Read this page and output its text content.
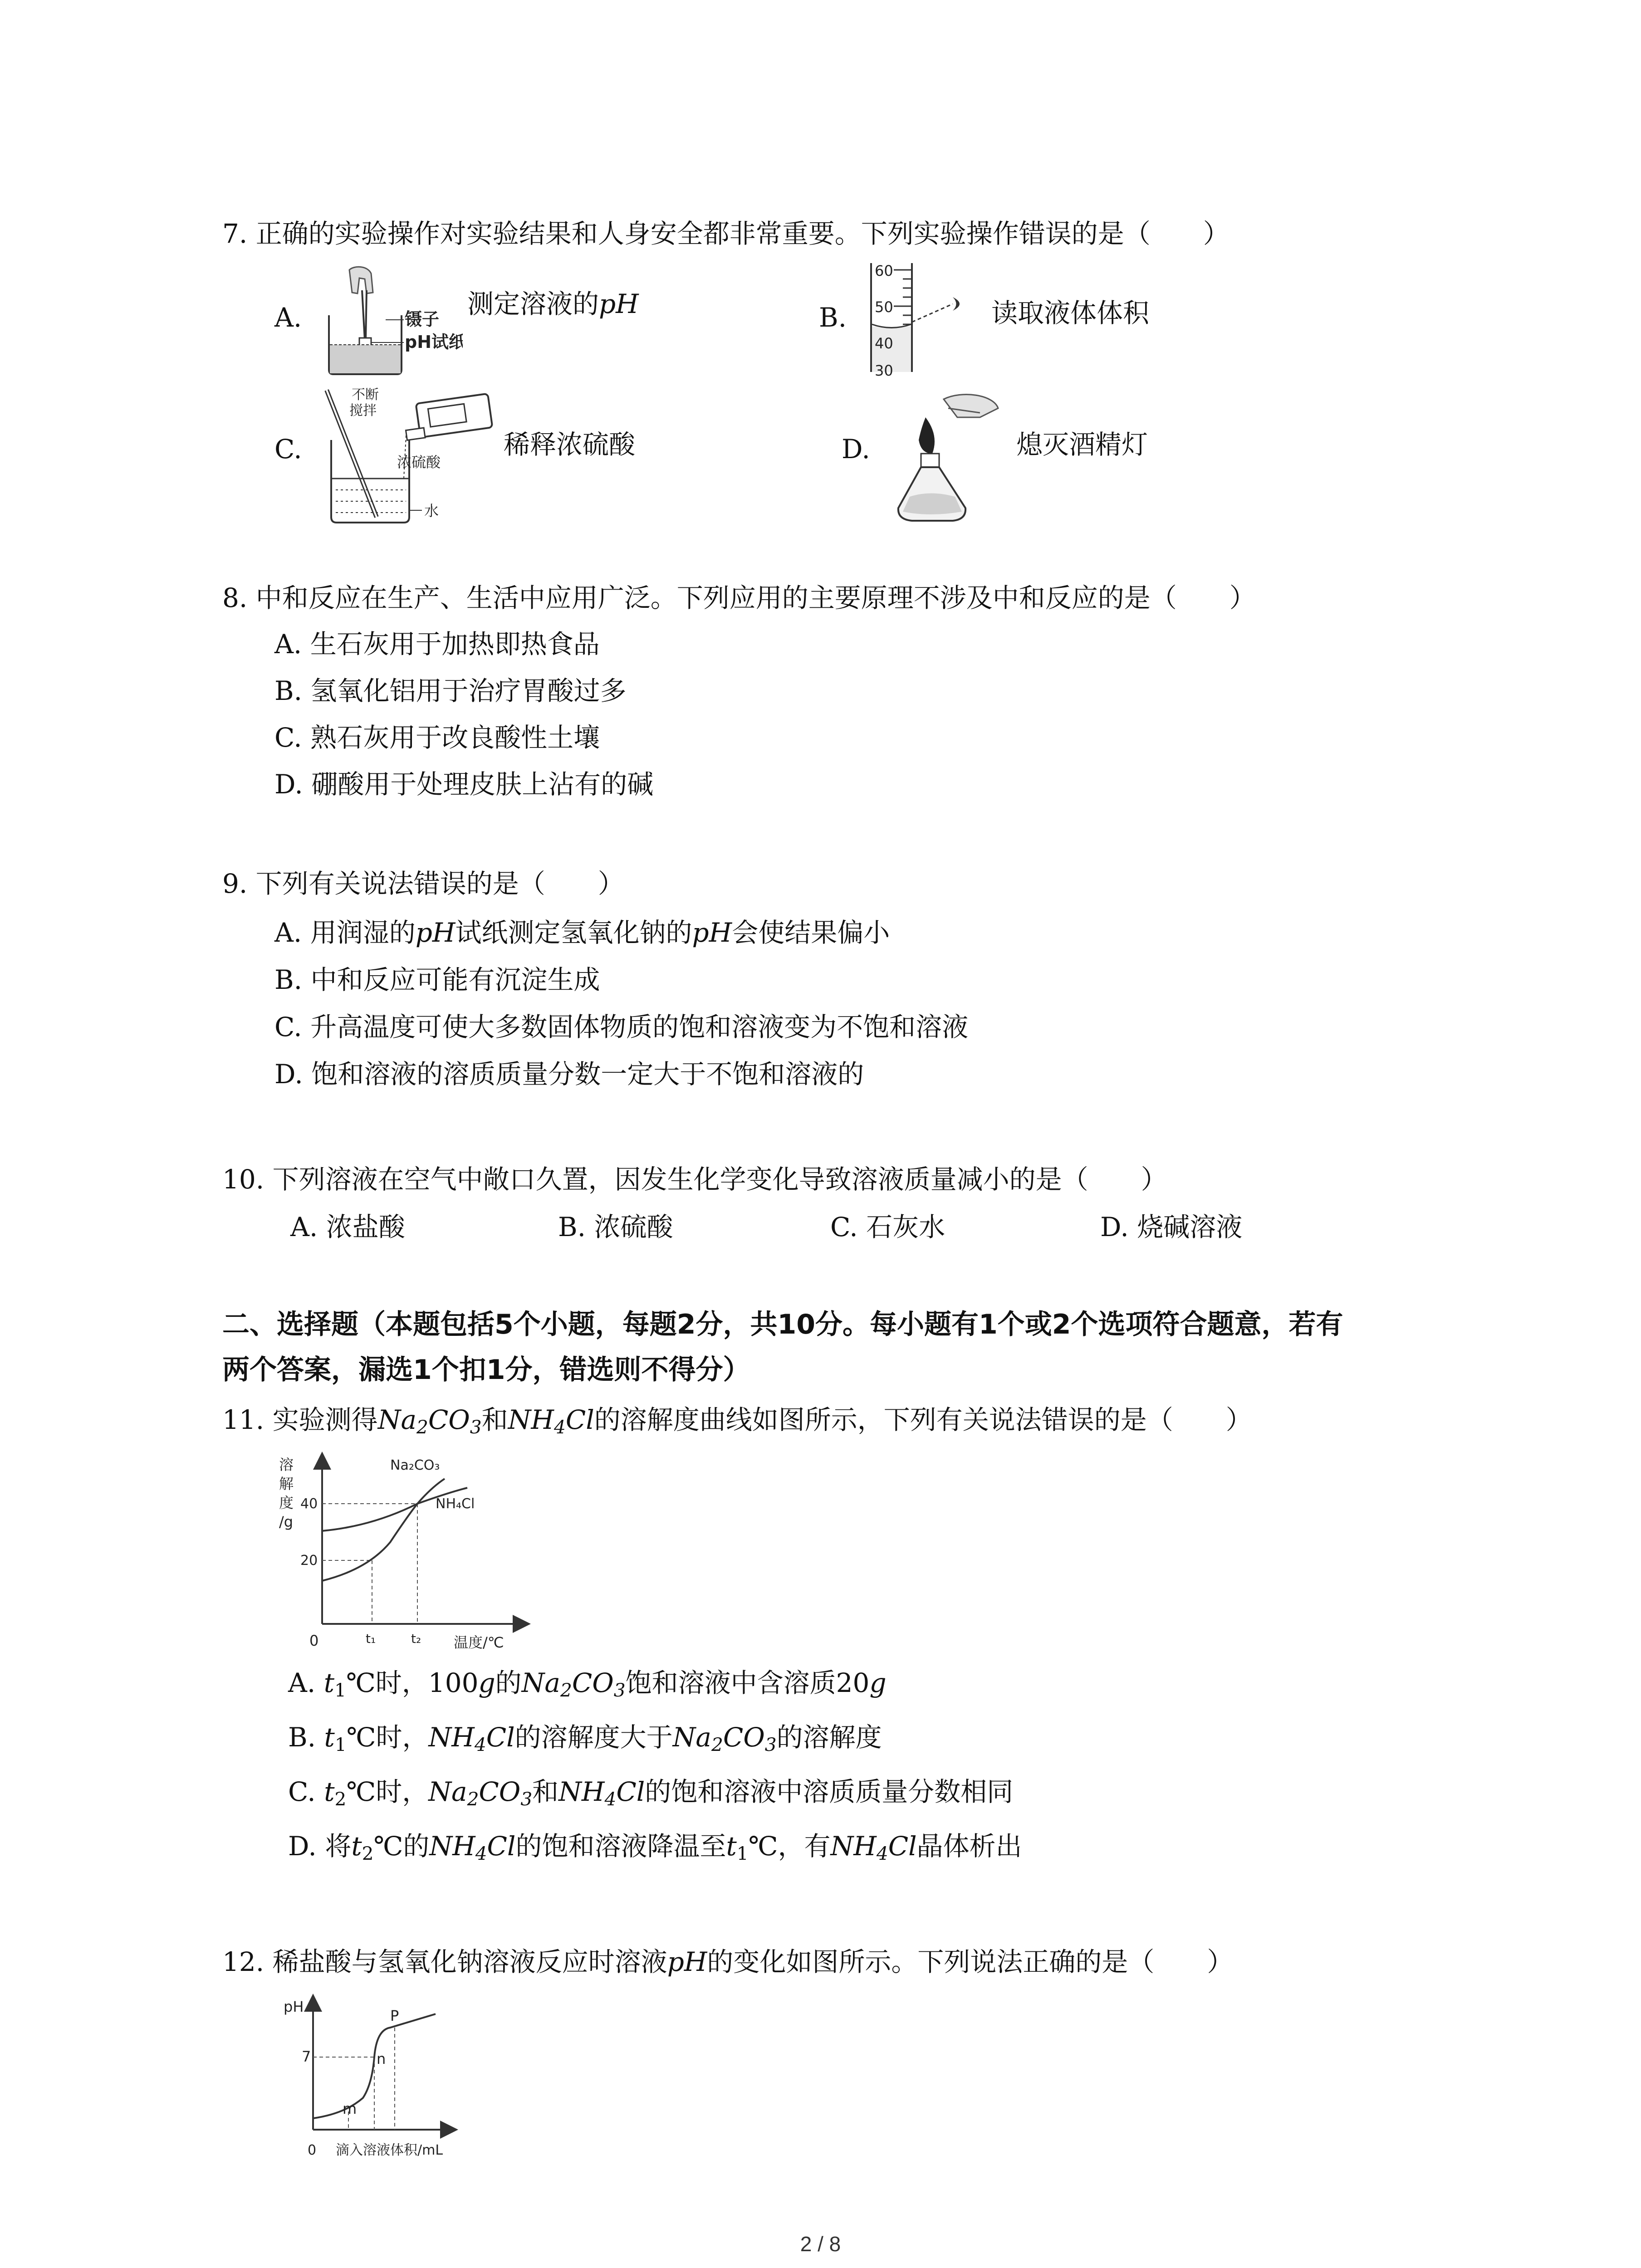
7. 正确的实验操作对实验结果和人身安全都非常重要。下列实验操作错误的是（　　）
A.	镊子
pH试纸
测定溶液的pH	B.
60
50
40
30
读取液体体积
C.
不断
搅拌
浓硫酸
水
稀释浓硫酸	D.	熄灭酒精灯
8. 中和反应在生产、生活中应用广泛。下列应用的主要原理不涉及中和反应的是（　　）
A. 生石灰用于加热即热食品
B. 氢氧化铝用于治疗胃酸过多
C. 熟石灰用于改良酸性土壤
D. 硼酸用于处理皮肤上沾有的碱
9. 下列有关说法错误的是（　　）
A. 用润湿的pH试纸测定氢氧化钠的pH会使结果偏小
B. 中和反应可能有沉淀生成
C. 升高温度可使大多数固体物质的饱和溶液变为不饱和溶液
D. 饱和溶液的溶质质量分数一定大于不饱和溶液的
10. 下列溶液在空气中敞口久置，因发生化学变化导致溶液质量减小的是（　　）
A. 浓盐酸	B. 浓硫酸	C. 石灰水	D. 烧碱溶液
二、选择题（本题包括5个小题，每题2分，共10分。每小题有1个或2个选项符合题意，若有
两个答案，漏选1个扣1分，错选则不得分）
11. 实验测得$Na_2CO_3$和$NH_4Cl$的溶解度曲线如图所示，下列有关说法错误的是（　　）
溶
解
度
/g
0
40
20
Na₂CO₃
NH₄Cl
t₁	t₂ 温度/℃
A. $t_1℃$时，100g的$Na_2CO_3$饱和溶液中含溶质20g
B. $t_1℃$时，$NH_4Cl$的溶解度大于$Na_2CO_3$的溶解度
C. $t_2℃$时，$Na_2CO_3$和$NH_4Cl$的饱和溶液中溶质质量分数相同
D. 将$t_2℃$的$NH_4Cl$的饱和溶液降温至$t_1℃$，有$NH_4Cl$晶体析出
12. 稀盐酸与氢氧化钠溶液反应时溶液pH的变化如图所示。下列说法正确的是（　　）
pH
7
m
n
P
0 滴入溶液体积/mL
2 / 8
